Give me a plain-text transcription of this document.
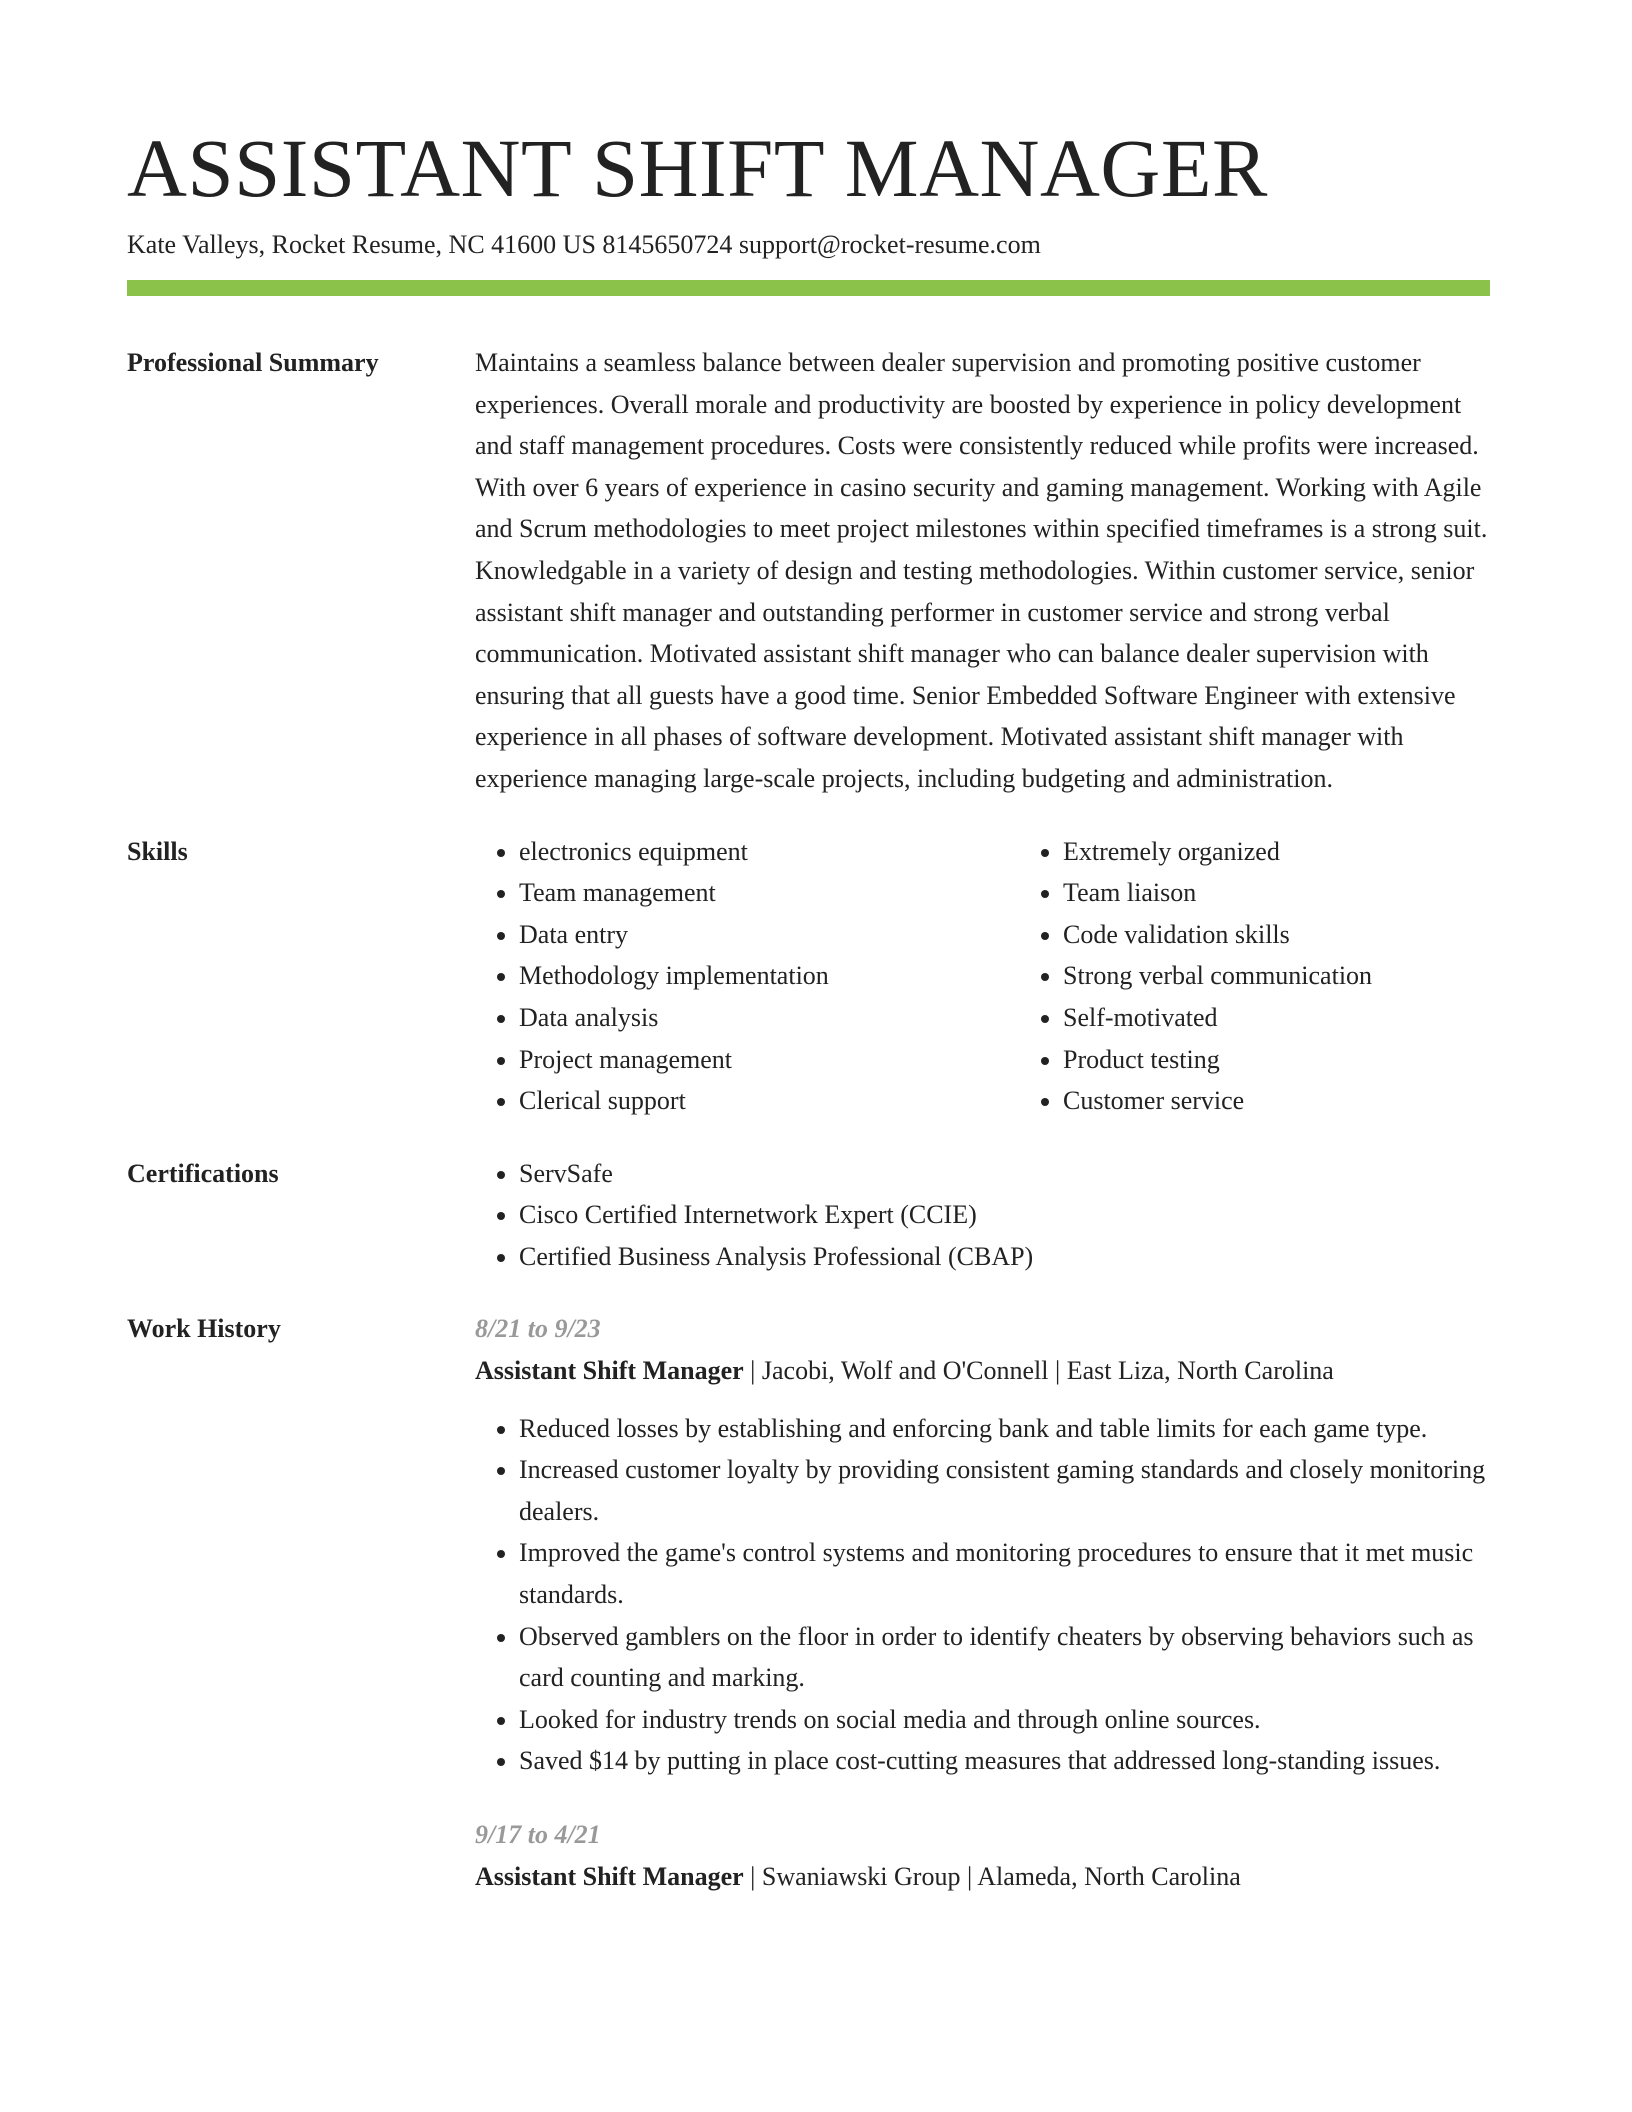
ASSISTANT SHIFT MANAGER
Kate Valleys, Rocket Resume, NC 41600 US 8145650724 support@rocket-resume.com
Professional Summary	Maintains a seamless balance between dealer supervision and promoting positive customer experiences. Overall morale and productivity are boosted by experience in policy development and staff management procedures. Costs were consistently reduced while profits were increased. With over 6 years of experience in casino security and gaming management. Working with Agile and Scrum methodologies to meet project milestones within specified timeframes is a strong suit. Knowledgable in a variety of design and testing methodologies. Within customer service, senior assistant shift manager and outstanding performer in customer service and strong verbal communication. Motivated assistant shift manager who can balance dealer supervision with ensuring that all guests have a good time. Senior Embedded Software Engineer with extensive experience in all phases of software development. Motivated assistant shift manager with experience managing large-scale projects, including budgeting and administration.
Skills	• electronics equipment
• Team management
• Data entry
• Methodology implementation
• Data analysis
• Project management
• Clerical support
• Extremely organized
• Team liaison
• Code validation skills
• Strong verbal communication
• Self-motivated
• Product testing
• Customer service
Certifications	• ServSafe
• Cisco Certified Internetwork Expert (CCIE)
• Certified Business Analysis Professional (CBAP)
Work History	8/21 to 9/23
Assistant Shift Manager | Jacobi, Wolf and O'Connell | East Liza, North Carolina
• Reduced losses by establishing and enforcing bank and table limits for each game type.
• Increased customer loyalty by providing consistent gaming standards and closely monitoring dealers.
• Improved the game's control systems and monitoring procedures to ensure that it met music standards.
• Observed gamblers on the floor in order to identify cheaters by observing behaviors such as card counting and marking.
• Looked for industry trends on social media and through online sources.
• Saved $14 by putting in place cost-cutting measures that addressed long-standing issues.
9/17 to 4/21
Assistant Shift Manager | Swaniawski Group | Alameda, North Carolina
